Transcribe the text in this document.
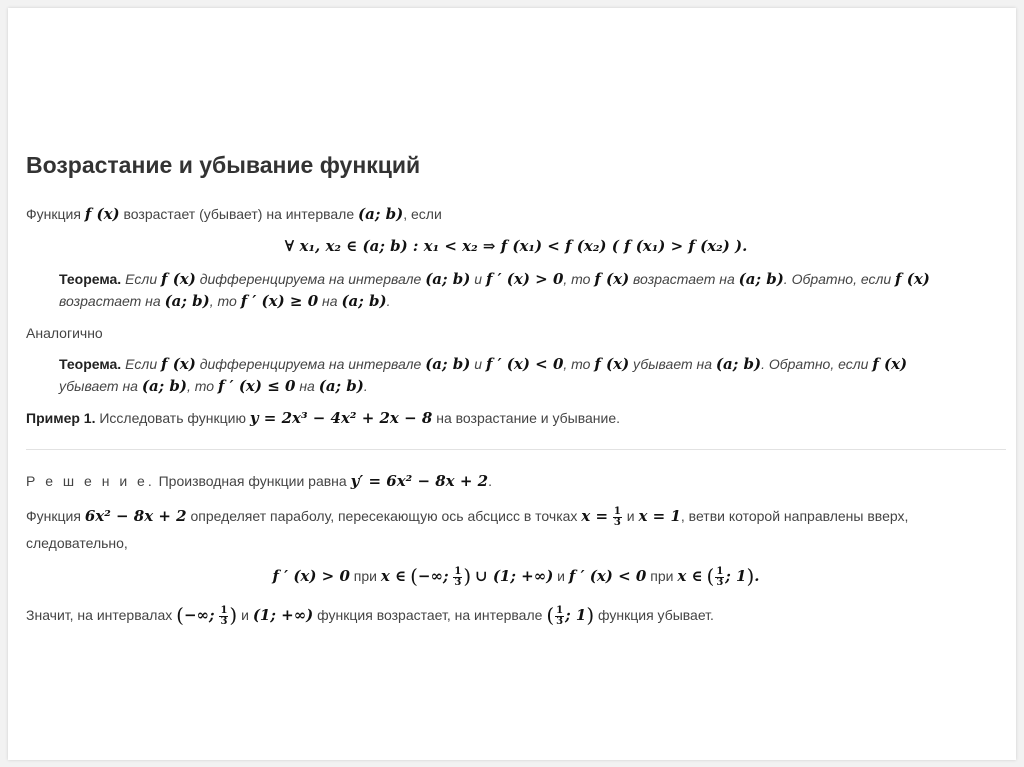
Возрастание и убывание функций
Функция f (x) возрастает (убывает) на интервале (a; b), если
∀ x₁, x₂ ∈ (a; b) : x₁ < x₂ ⇒ f (x₁) < f (x₂) ( f (x₁) > f (x₂) ).
Теорема. Если f (x) дифференцируема на интервале (a; b) и f ′ (x) > 0, то f (x) возрастает на (a; b). Обратно, если f (x)
возрастает на (a; b), то f ′ (x) ≥ 0 на (a; b).
Аналогично
Теорема. Если f (x) дифференцируема на интервале (a; b) и f ′ (x) < 0, то f (x) убывает на (a; b). Обратно, если f (x)
убывает на (a; b), то f ′ (x) ≤ 0 на (a; b).
Пример 1. Исследовать функцию y = 2x³ − 4x² + 2x − 8 на возрастание и убывание.
Р е ш е н и е. Производная функции равна y′ = 6x² − 8x + 2.
Функция 6x² − 8x + 2 определяет параболу, пересекающую ось абсцисс в точках $x = \frac{1}{3}$ и x = 1, ветви которой направлены вверх,
следовательно,
f ′ (x) > 0 при x ∈ (−∞; $\frac{1}{3}$ ) ∪ (1; +∞) и f ′ (x) < 0 при x ∈ ( $\frac{1}{3}$ ; 1).
Значит, на интервалах (−∞; $\frac{1}{3}$ ) и (1; +∞) функция возрастает, на интервале ( $\frac{1}{3}$ ; 1) функция убывает.
